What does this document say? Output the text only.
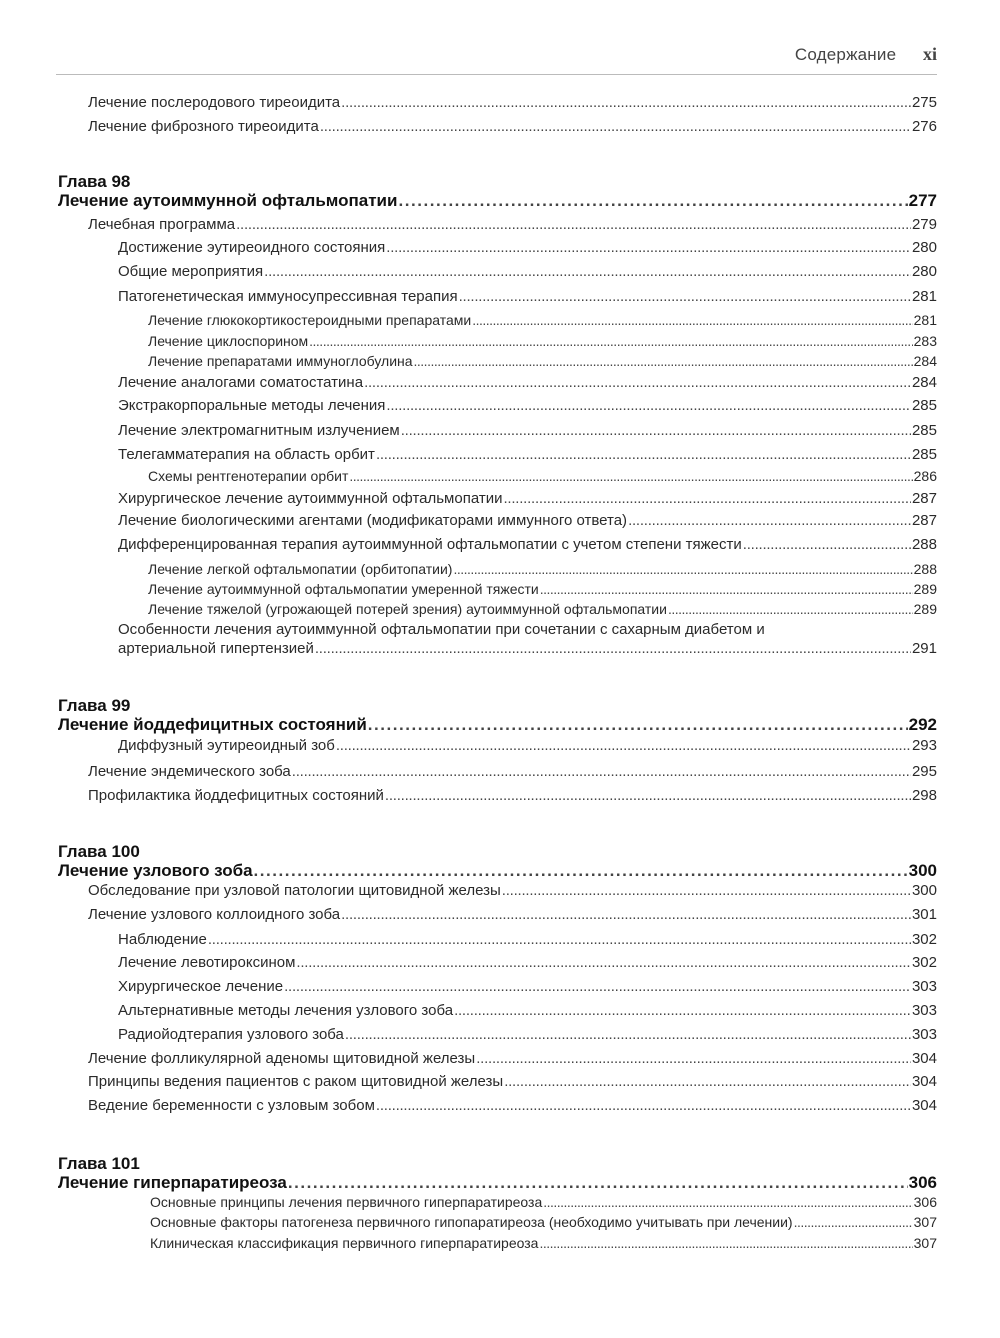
Содержание xi
Лечение послеродового тиреоидита . . .	275
Лечение фиброзного тиреоидита . . .	276
Глава 98
Лечение аутоиммунной офтальмопатии . . .	277
Лечебная программа . . .	279
Достижение эутиреоидного состояния . . .	280
Общие мероприятия . . .	280
Патогенетическая иммуносупрессивная терапия . . .	281
Лечение глюкокортикостероидными препаратами . . .	281
Лечение циклоспорином . . .	283
Лечение препаратами иммуноглобулина . . .	284
Лечение аналогами соматостатина . . .	284
Экстракорпоральные методы лечения . . .	285
Лечение электромагнитным излучением . . .	285
Телегамматерапия на область орбит . . .	285
Схемы рентгенотерапии орбит . . .	286
Хирургическое лечение аутоиммунной офтальмопатии . . .	287
Лечение биологическими агентами (модификаторами иммунного ответа) . . .	287
Дифференцированная терапия аутоиммунной офтальмопатии с учетом степени тяжести . . .	288
Лечение легкой офтальмопатии (орбитопатии) . . .	288
Лечение аутоиммунной офтальмопатии умеренной тяжести . . .	289
Лечение тяжелой (угрожающей потерей зрения) аутоиммунной офтальмопатии . . .	289
Особенности лечения аутоиммунной офтальмопатии при сочетании с сахарным диабетом и
артериальной гипертензией . . .	291
Глава 99
Лечение йоддефицитных состояний . . .	292
Диффузный эутиреоидный зоб . . .	293
Лечение эндемического зоба . . .	295
Профилактика йоддефицитных состояний . . .	298
Глава 100
Лечение узлового зоба . . .	300
Обследование при узловой патологии щитовидной железы . . .	300
Лечение узлового коллоидного зоба . . .	301
Наблюдение . . .	302
Лечение левотироксином . . .	302
Хирургическое лечение . . .	303
Альтернативные методы лечения узлового зоба . . .	303
Радиойодтерапия узлового зоба . . .	303
Лечение фолликулярной аденомы щитовидной железы . . .	304
Принципы ведения пациентов с раком щитовидной железы . . .	304
Ведение беременности с узловым зобом . . .	304
Глава 101
Лечение гиперпаратиреоза . . .	306
Основные принципы лечения первичного гиперпаратиреоза . . .	306
Основные факторы патогенеза первичного гипопаратиреоза (необходимо учитывать при лечении) . . .	307
Клиническая классификация первичного гиперпаратиреоза . . .	307
